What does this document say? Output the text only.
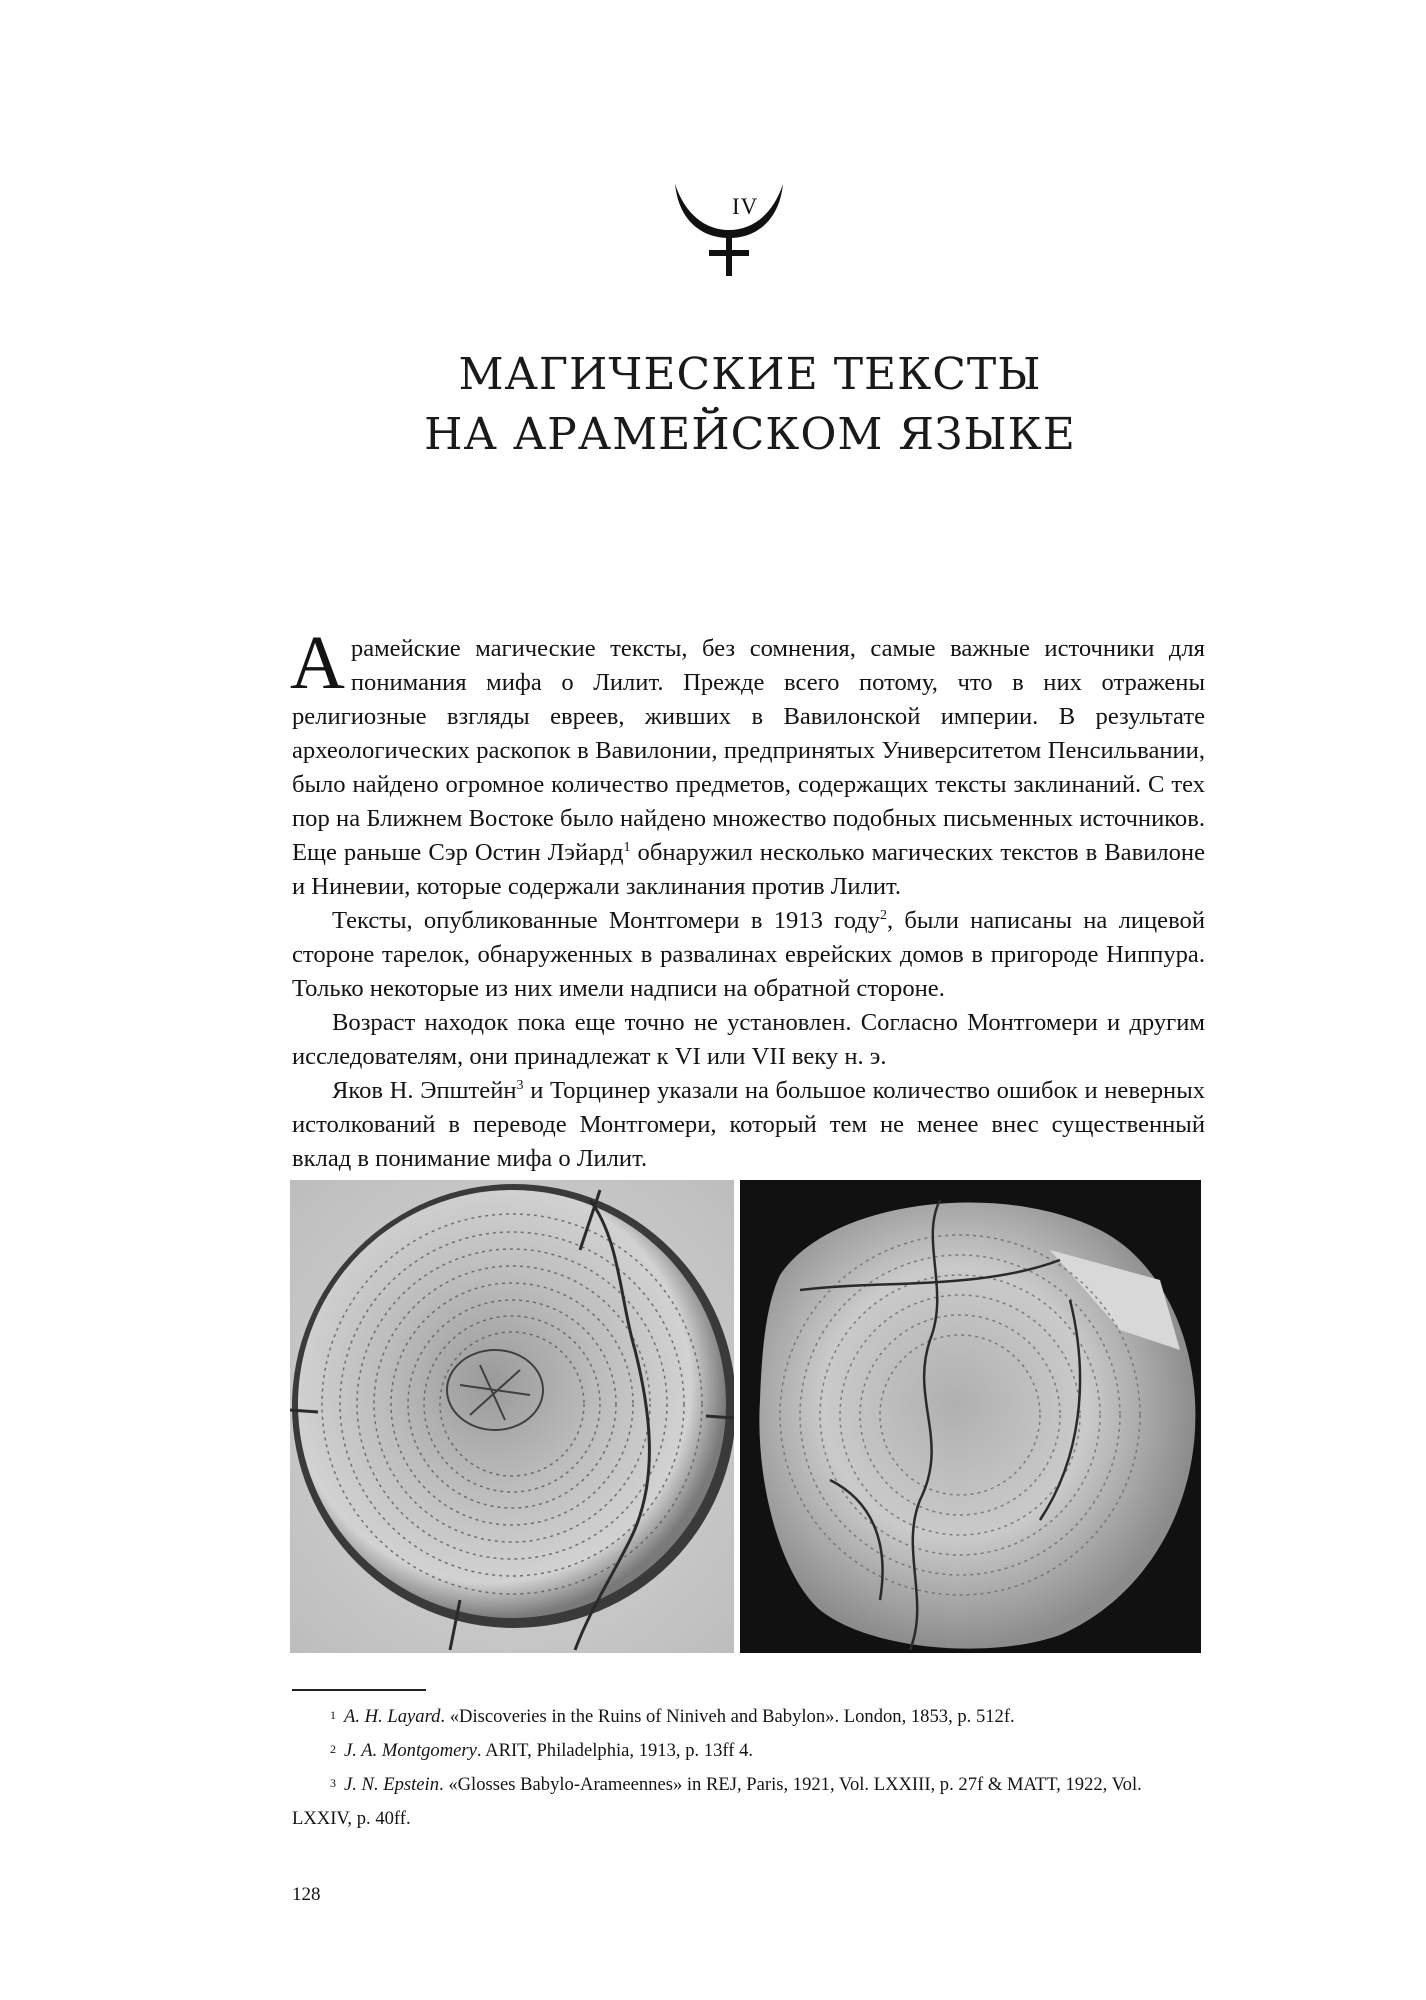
IV
МАГИЧЕСКИЕ ТЕКСТЫ
НА АРАМЕЙСКОМ ЯЗЫКЕ

Арамейские магические тексты, без сомнения, самые важные источники для понимания мифа о Лилит. Прежде всего потому, что в них отражены религиозные взгляды евреев, живших в Вавилонской империи. В результате археологических раскопок в Вавилонии, предпринятых Университетом Пенсильвании, было найдено огромное количество предметов, содержащих тексты заклинаний. С тех пор на Ближнем Востоке было найдено множество подобных письменных источников. Еще раньше Сэр Остин Лэйард$^1$ обнаружил несколько магических текстов в Вавилоне и Ниневии, которые содержали заклинания против Лилит.

Тексты, опубликованные Монтгомери в 1913 году$^2$, были написаны на лицевой стороне тарелок, обнаруженных в развалинах еврейских домов в пригороде Ниппура. Только некоторые из них имели надписи на обратной стороне.

Возраст находок пока еще точно не установлен. Согласно Монтгомери и другим исследователям, они принадлежат к VI или VII веку н. э.

Яков Н. Эпштейн$^3$ и Торцинер указали на большое количество ошибок и неверных истолкований в переводе Монтгомери, который тем не менее внес существенный вклад в понимание мифа о Лилит.

1 A. H. Layard. «Discoveries in the Ruins of Niniveh and Babylon». London, 1853, p. 512f.
2 J. A. Montgomery. ARIT, Philadelphia, 1913, p. 13ff 4.
3 J. N. Epstein. «Glosses Babylo-Arameennes» in REJ, Paris, 1921, Vol. LXXIII, p. 27f & MATT, 1922, Vol. LXXIV, p. 40ff.
128
